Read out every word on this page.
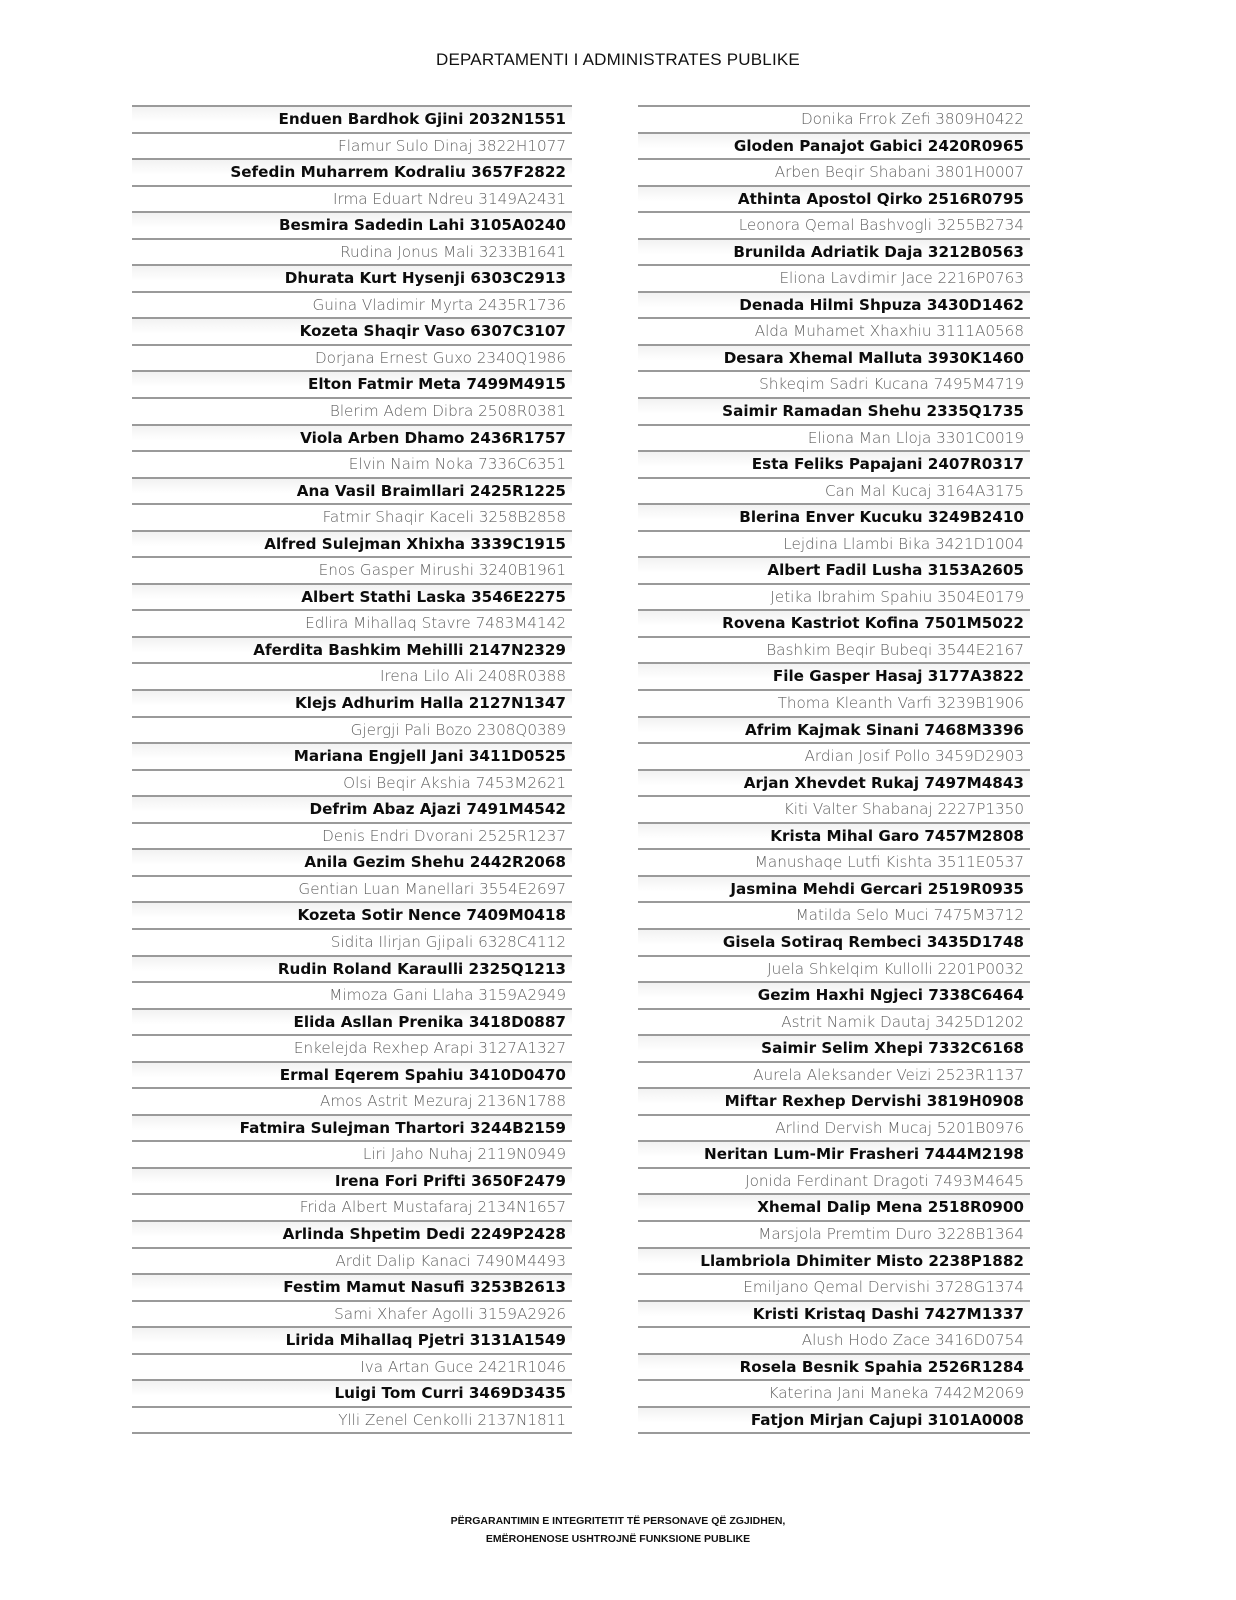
DEPARTAMENTI I ADMINISTRATES PUBLIKE
Enduen Bardhok Gjini 2032N1551
Flamur Sulo Dinaj 3822H1077
Sefedin Muharrem Kodraliu 3657F2822
Irma Eduart Ndreu 3149A2431
Besmira Sadedin Lahi 3105A0240
Rudina Jonus Mali 3233B1641
Dhurata Kurt Hysenji 6303C2913
Guina Vladimir Myrta 2435R1736
Kozeta Shaqir Vaso 6307C3107
Dorjana Ernest Guxo 2340Q1986
Elton Fatmir Meta 7499M4915
Blerim Adem Dibra 2508R0381
Viola Arben Dhamo 2436R1757
Elvin Naim Noka 7336C6351
Ana Vasil Braimllari 2425R1225
Fatmir Shaqir Kaceli 3258B2858
Alfred Sulejman Xhixha 3339C1915
Enos Gasper Mirushi 3240B1961
Albert Stathi Laska 3546E2275
Edlira Mihallaq Stavre 7483M4142
Aferdita Bashkim Mehilli 2147N2329
Irena Lilo Ali 2408R0388
Klejs Adhurim Halla 2127N1347
Gjergji Pali Bozo 2308Q0389
Mariana Engjell Jani 3411D0525
Olsi Beqir Akshia 7453M2621
Defrim Abaz Ajazi 7491M4542
Denis Endri Dvorani 2525R1237
Anila Gezim Shehu 2442R2068
Gentian Luan Manellari 3554E2697
Kozeta Sotir Nence 7409M0418
Sidita Ilirjan Gjipali 6328C4112
Rudin Roland Karaulli 2325Q1213
Mimoza Gani Llaha 3159A2949
Elida Asllan Prenika 3418D0887
Enkelejda Rexhep Arapi 3127A1327
Ermal Eqerem Spahiu 3410D0470
Amos Astrit Mezuraj 2136N1788
Fatmira Sulejman Thartori 3244B2159
Liri Jaho Nuhaj 2119N0949
Irena Fori Prifti 3650F2479
Frida Albert Mustafaraj 2134N1657
Arlinda Shpetim Dedi 2249P2428
Ardit Dalip Kanaci 7490M4493
Festim Mamut Nasufi 3253B2613
Sami Xhafer Agolli 3159A2926
Lirida Mihallaq Pjetri 3131A1549
Iva Artan Guce 2421R1046
Luigi Tom Curri 3469D3435
Ylli Zenel Cenkolli 2137N1811
Donika Frrok Zefi 3809H0422
Gloden Panajot Gabici 2420R0965
Arben Beqir Shabani 3801H0007
Athinta Apostol Qirko 2516R0795
Leonora Qemal Bashvogli 3255B2734
Brunilda Adriatik Daja 3212B0563
Eliona Lavdimir Jace 2216P0763
Denada Hilmi Shpuza 3430D1462
Alda Muhamet Xhaxhiu 3111A0568
Desara Xhemal Malluta 3930K1460
Shkeqim Sadri Kucana 7495M4719
Saimir Ramadan Shehu 2335Q1735
Eliona Man Lloja 3301C0019
Esta Feliks Papajani 2407R0317
Can Mal Kucaj 3164A3175
Blerina Enver Kucuku 3249B2410
Lejdina Llambi Bika 3421D1004
Albert Fadil Lusha 3153A2605
Jetika Ibrahim Spahiu 3504E0179
Rovena Kastriot Kofina 7501M5022
Bashkim Beqir Bubeqi 3544E2167
File Gasper Hasaj 3177A3822
Thoma Kleanth Varfi 3239B1906
Afrim Kajmak Sinani 7468M3396
Ardian Josif Pollo 3459D2903
Arjan Xhevdet Rukaj 7497M4843
Kiti Valter Shabanaj 2227P1350
Krista Mihal Garo 7457M2808
Manushaqe Lutfi Kishta 3511E0537
Jasmina Mehdi Gercari 2519R0935
Matilda Selo Muci 7475M3712
Gisela Sotiraq Rembeci 3435D1748
Juela Shkelqim Kullolli 2201P0032
Gezim Haxhi Ngjeci 7338C6464
Astrit Namik Dautaj 3425D1202
Saimir Selim Xhepi 7332C6168
Aurela Aleksander Veizi 2523R1137
Miftar Rexhep Dervishi 3819H0908
Arlind Dervish Mucaj 5201B0976
Neritan Lum-Mir Frasheri 7444M2198
Jonida Ferdinant Dragoti 7493M4645
Xhemal Dalip Mena 2518R0900
Marsjola Premtim Duro 3228B1364
Llambriola Dhimiter Misto 2238P1882
Emiljano Qemal Dervishi 3728G1374
Kristi Kristaq Dashi 7427M1337
Alush Hodo Zace 3416D0754
Rosela Besnik Spahia 2526R1284
Katerina Jani Maneka 7442M2069
Fatjon Mirjan Cajupi 3101A0008
PËRGARANTIMIN E INTEGRITETIT TË PERSONAVE QË ZGJIDHEN,
EMËROHENOSE USHTROJNË FUNKSIONE PUBLIKE
